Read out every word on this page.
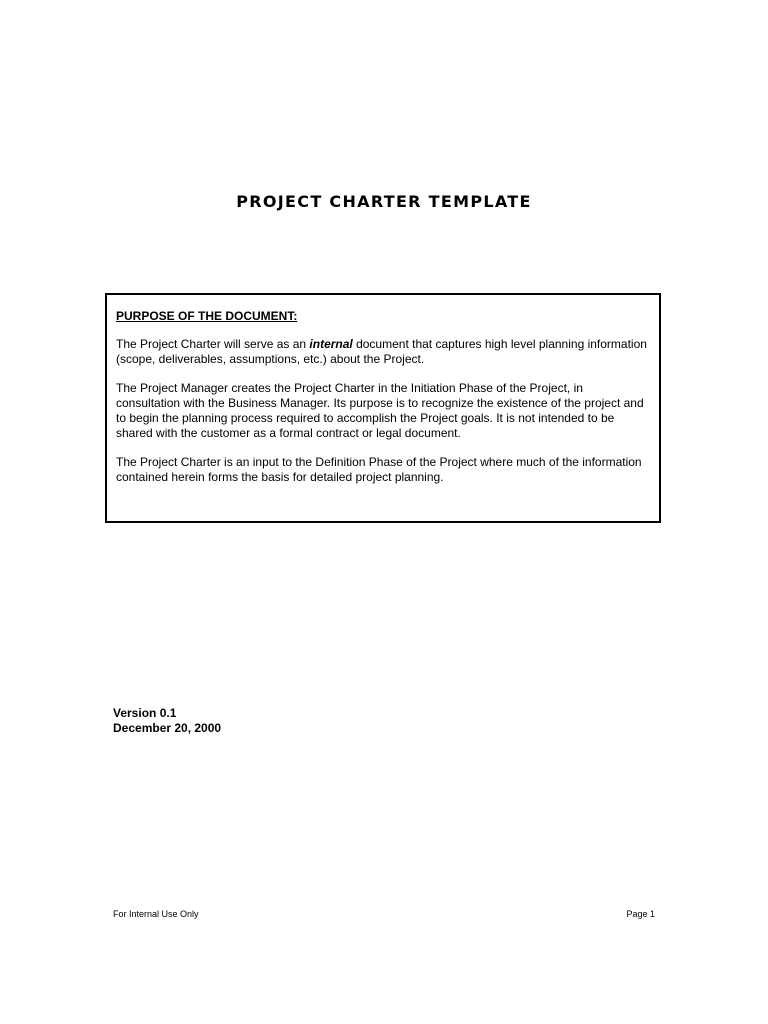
PROJECT CHARTER TEMPLATE
PURPOSE OF THE DOCUMENT:

The Project Charter will serve as an internal document that captures high level planning information (scope, deliverables, assumptions, etc.) about the Project.

The Project Manager creates the Project Charter in the Initiation Phase of the Project, in consultation with the Business Manager. Its purpose is to recognize the existence of the project and to begin the planning process required to accomplish the Project goals. It is not intended to be shared with the customer as a formal contract or legal document.

The Project Charter is an input to the Definition Phase of the Project where much of the information contained herein forms the basis for detailed project planning.

Version 0.1
December 20, 2000
For Internal Use Only	Page 1
